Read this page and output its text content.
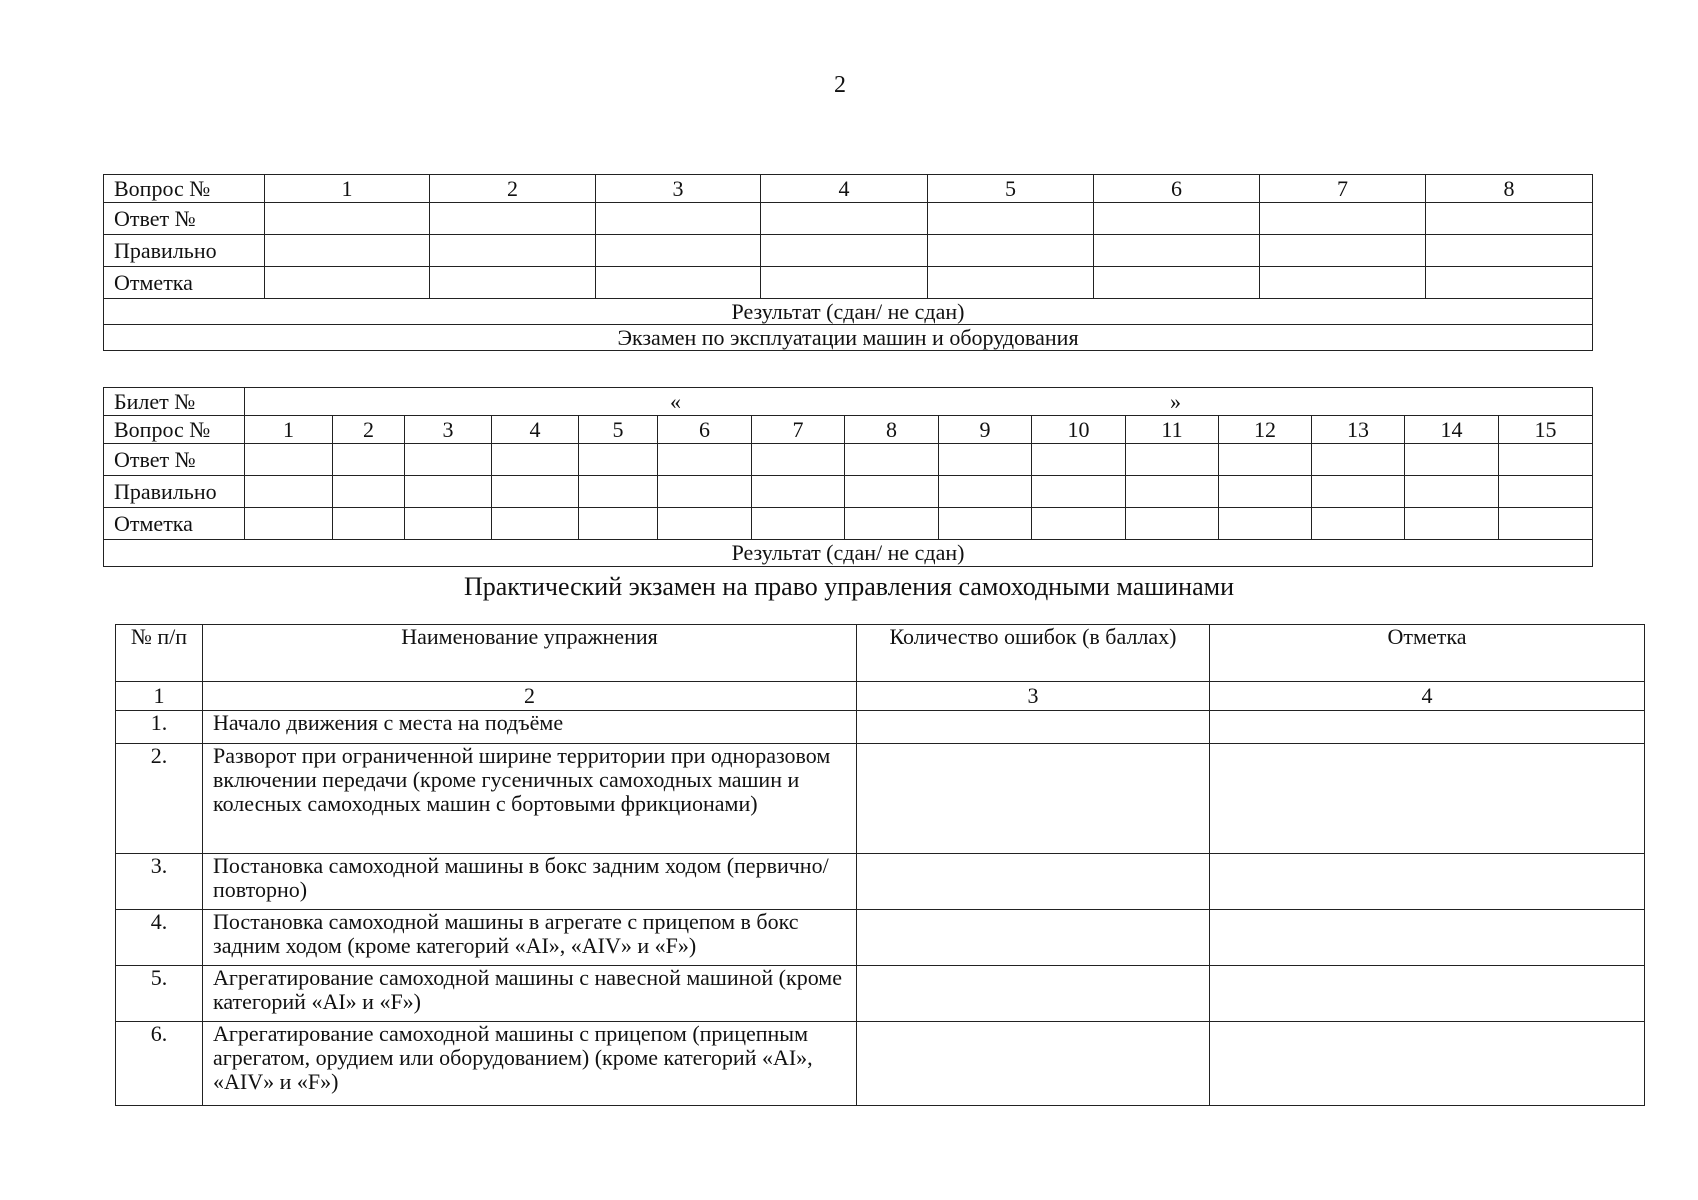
2
Вопрос №	1	2	3	4	5	6	7	8
Ответ №								
Правильно								
Отметка								
Результат (сдан/ не сдан)								
Экзамен по эксплуатации машин и оборудования								
Билет №	« »														

Вопрос №	1	2	3	4	5	6	7	8	9	10	11	12	13	14	15
Ответ №															
Правильно															
Отметка															
Результат (сдан/ не сдан)															
Практический экзамен на право управления самоходными машинами
№ п/п	Наименование упражнения	Количество ошибок (в баллах)	Отметка
1	2	3	4
1.	Начало движения с места на подъёме		
2.	Разворот при ограниченной ширине территории при одноразовом включении передачи (кроме гусеничных самоходных машин и колесных самоходных машин с бортовыми фрикционами)		
3.	Постановка самоходной машины в бокс задним ходом (первично/повторно)		
4.	Постановка самоходной машины в агрегате с прицепом в бокс задним ходом (кроме категорий «AI», «AIV» и «F»)		
5.	Агрегатирование самоходной машины с навесной машиной (кроме категорий «AI» и «F»)		
6.	Агрегатирование самоходной машины с прицепом (прицепным агрегатом, орудием или оборудованием) (кроме категорий «AI», «AIV» и «F»)		
